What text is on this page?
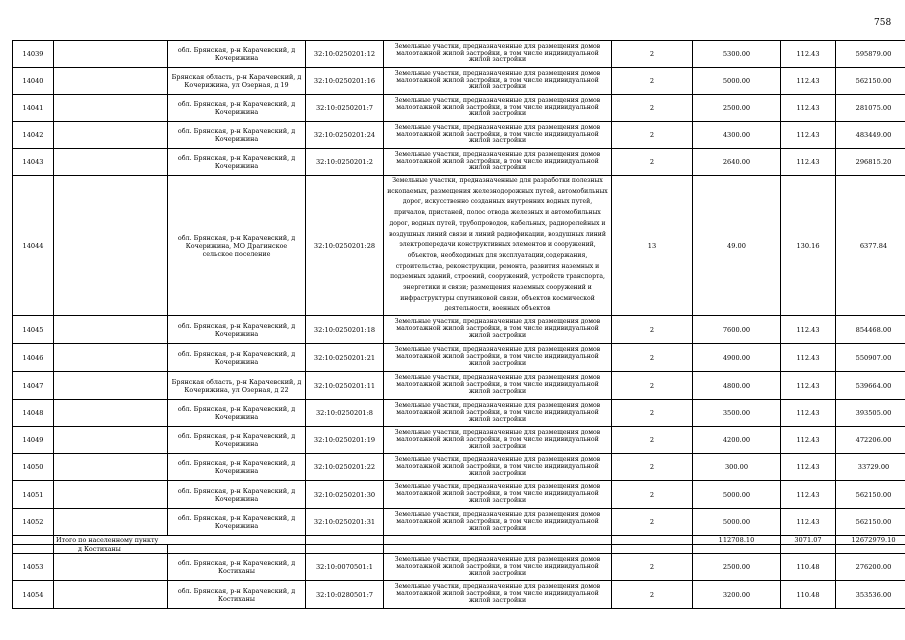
758
14039		обл. Брянская, р-н Карачевский, д Кочерижина	32:10:0250201:12	Земельные участки, предназначенные для размещения домов малоэтажной жилой застройки, в том числе индивидуальной жилой застройки	2	5300.00	112.43	595879.00
14040		Брянская область, р-н Карачевский, д Кочерижина, ул Озерная, д 19	32:10:0250201:16	Земельные участки, предназначенные для размещения домов малоэтажной жилой застройки, в том числе индивидуальной жилой застройки	2	5000.00	112.43	562150.00
14041		обл. Брянская, р-н Карачевский, д Кочерижина	32:10:0250201:7	Земельные участки, предназначенные для размещения домов малоэтажной жилой застройки, в том числе индивидуальной жилой застройки	2	2500.00	112.43	281075.00
14042		обл. Брянская, р-н Карачевский, д Кочерижина	32:10:0250201:24	Земельные участки, предназначенные для размещения домов малоэтажной жилой застройки, в том числе индивидуальной жилой застройки	2	4300.00	112.43	483449.00
14043		обл. Брянская, р-н Карачевский, д Кочерижина	32:10:0250201:2	Земельные участки, предназначенные для размещения домов малоэтажной жилой застройки, в том числе индивидуальной жилой застройки	2	2640.00	112.43	296815.20
14044		обл. Брянская, р-н Карачевский, д Кочерижина, МО Драгинское сельское поселение	32:10:0250201:28	Земельные участки, предназначенные для разработки полезных ископаемых, размещения железнодорожных путей, автомобильных дорог, искусственно созданных внутренних водных путей, причалов, пристаней, полос отвода железных и автомобильных дорог, водных путей, трубопроводов, кабельных, радиорелейных и воздушных линий связи и линий радиофикации, воздушных линий электропередачи конструктивных элементов и сооружений, объектов, необходимых для эксплуатации,содержания, строительства, реконструкции, ремонта, развития наземных и подземных зданий, строений, сооружений, устройств транспорта, энергетики и связи; размещения наземных сооружений и инфраструктуры спутниковой связи, объектов космической деятельности, военных объектов	13	49.00	130.16	6377.84
14045		обл. Брянская, р-н Карачевский, д Кочерижина	32:10:0250201:18	Земельные участки, предназначенные для размещения домов малоэтажной жилой застройки, в том числе индивидуальной жилой застройки	2	7600.00	112.43	854468.00
14046		обл. Брянская, р-н Карачевский, д Кочерижина	32:10:0250201:21	Земельные участки, предназначенные для размещения домов малоэтажной жилой застройки, в том числе индивидуальной жилой застройки	2	4900.00	112.43	550907.00
14047		Брянская область, р-н Карачевский, д Кочерижина, ул Озерная, д 22	32:10:0250201:11	Земельные участки, предназначенные для размещения домов малоэтажной жилой застройки, в том числе индивидуальной жилой застройки	2	4800.00	112.43	539664.00
14048		обл. Брянская, р-н Карачевский, д Кочерижина	32:10:0250201:8	Земельные участки, предназначенные для размещения домов малоэтажной жилой застройки, в том числе индивидуальной жилой застройки	2	3500.00	112.43	393505.00
14049		обл. Брянская, р-н Карачевский, д Кочерижина	32:10:0250201:19	Земельные участки, предназначенные для размещения домов малоэтажной жилой застройки, в том числе индивидуальной жилой застройки	2	4200.00	112.43	472206.00
14050		обл. Брянская, р-н Карачевский, д Кочерижина	32:10:0250201:22	Земельные участки, предназначенные для размещения домов малоэтажной жилой застройки, в том числе индивидуальной жилой застройки	2	300.00	112.43	33729.00
14051		обл. Брянская, р-н Карачевский, д Кочерижина	32:10:0250201:30	Земельные участки, предназначенные для размещения домов малоэтажной жилой застройки, в том числе индивидуальной жилой застройки	2	5000.00	112.43	562150.00
14052		обл. Брянская, р-н Карачевский, д Кочерижина	32:10:0250201:31	Земельные участки, предназначенные для размещения домов малоэтажной жилой застройки, в том числе индивидуальной жилой застройки	2	5000.00	112.43	562150.00
	Итого по населенному пункту					112708.10	3071.07	12672979.10
	д Костиханы							
14053		обл. Брянская, р-н Карачевский, д Костиханы	32:10:0070501:1	Земельные участки, предназначенные для размещения домов малоэтажной жилой застройки, в том числе индивидуальной жилой застройки	2	2500.00	110.48	276200.00
14054		обл. Брянская, р-н Карачевский, д Костиханы	32:10:0280501:7	Земельные участки, предназначенные для размещения домов малоэтажной жилой застройки, в том числе индивидуальной жилой застройки	2	3200.00	110.48	353536.00
